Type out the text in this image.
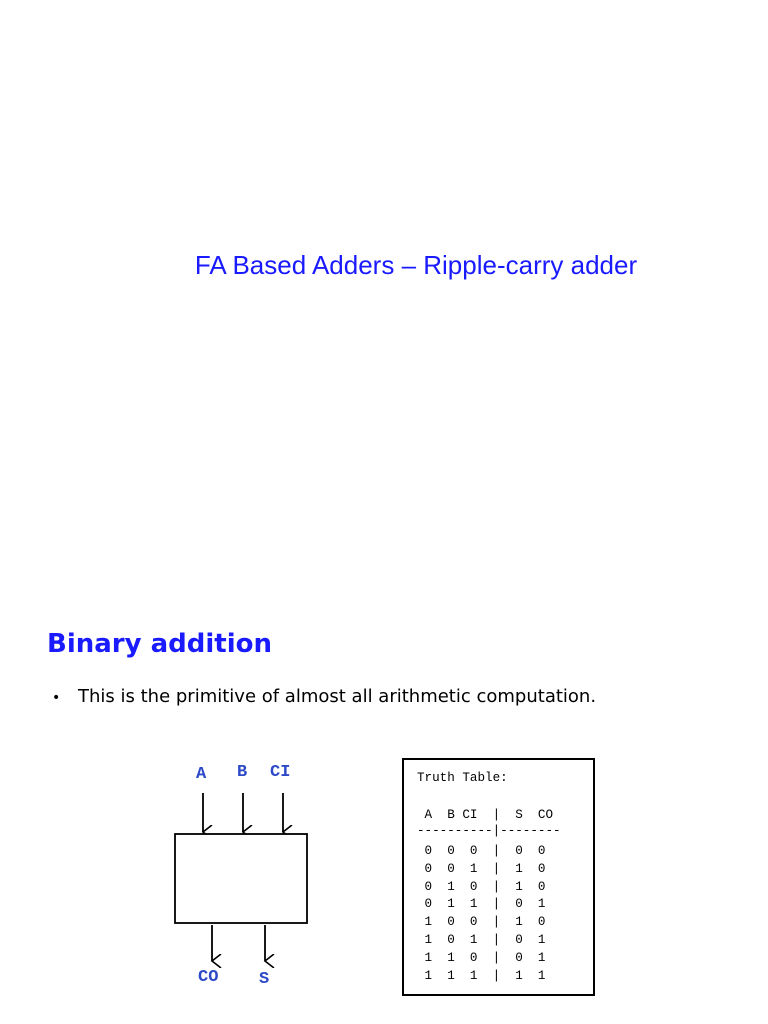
FA Based Adders – Ripple-carry adder
Binary addition
• This is the primitive of almost all arithmetic computation.
A B CI
CO S
Truth Table:
A  B CI  |  S  CO
----------|--------
0  0  0  |  0  0
0  0  1  |  1  0
0  1  0  |  1  0
0  1  1  |  0  1
1  0  0  |  1  0
1  0  1  |  0  1
1  1  0  |  0  1
1  1  1  |  1  1
